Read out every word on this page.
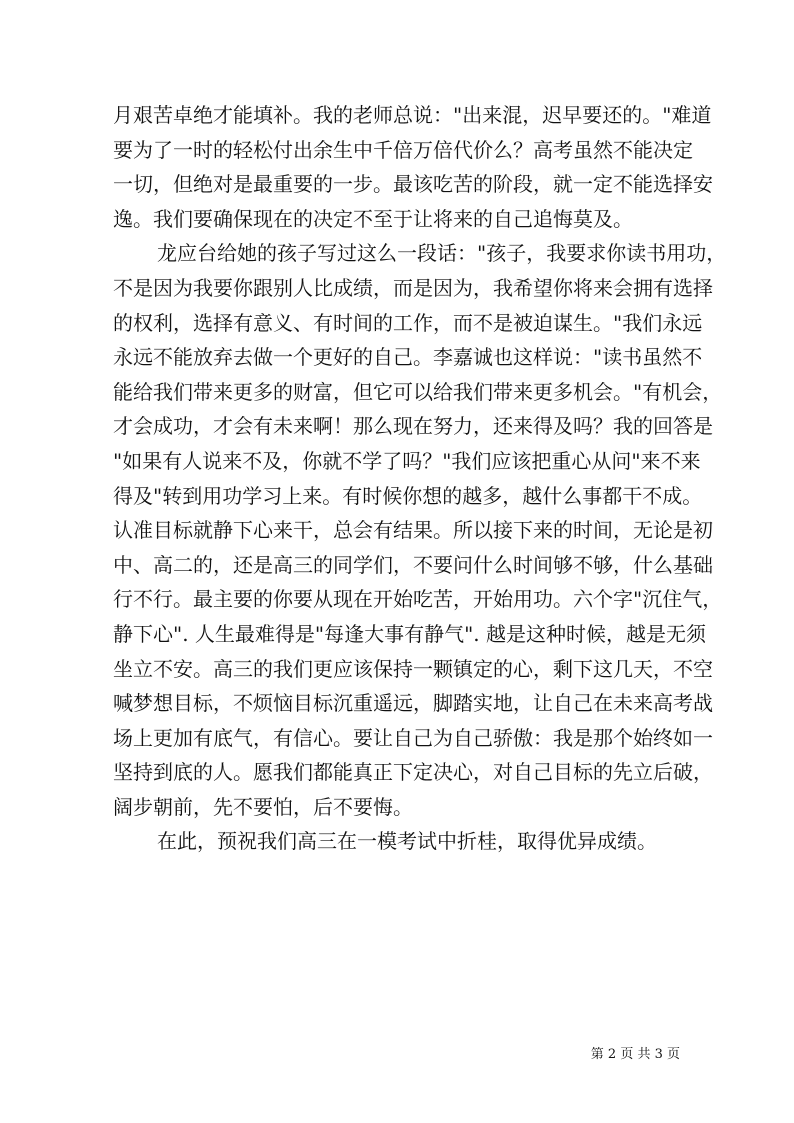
月艰苦卓绝才能填补。我的老师总说："出来混，迟早要还的。"难道
要为了一时的轻松付出余生中千倍万倍代价么？高考虽然不能决定
一切，但绝对是最重要的一步。最该吃苦的阶段，就一定不能选择安
逸。我们要确保现在的决定不至于让将来的自己追悔莫及。
龙应台给她的孩子写过这么一段话："孩子，我要求你读书用功，
不是因为我要你跟别人比成绩，而是因为，我希望你将来会拥有选择
的权利，选择有意义、有时间的工作，而不是被迫谋生。"我们永远
永远不能放弃去做一个更好的自己。李嘉诚也这样说："读书虽然不
能给我们带来更多的财富，但它可以给我们带来更多机会。"有机会，
才会成功，才会有未来啊！那么现在努力，还来得及吗？我的回答是
"如果有人说来不及，你就不学了吗？"我们应该把重心从问"来不来
得及"转到用功学习上来。有时候你想的越多，越什么事都干不成。
认准目标就静下心来干，总会有结果。所以接下来的时间，无论是初
中、高二的，还是高三的同学们，不要问什么时间够不够，什么基础
行不行。最主要的你要从现在开始吃苦，开始用功。六个字"沉住气，
静下心". 人生最难得是"每逢大事有静气". 越是这种时候，越是无须
坐立不安。高三的我们更应该保持一颗镇定的心，剩下这几天，不空
喊梦想目标，不烦恼目标沉重遥远，脚踏实地，让自己在未来高考战
场上更加有底气，有信心。要让自己为自己骄傲：我是那个始终如一
坚持到底的人。愿我们都能真正下定决心，对自己目标的先立后破，
阔步朝前，先不要怕，后不要悔。
在此，预祝我们高三在一模考试中折桂，取得优异成绩。
第 2 页 共 3 页
